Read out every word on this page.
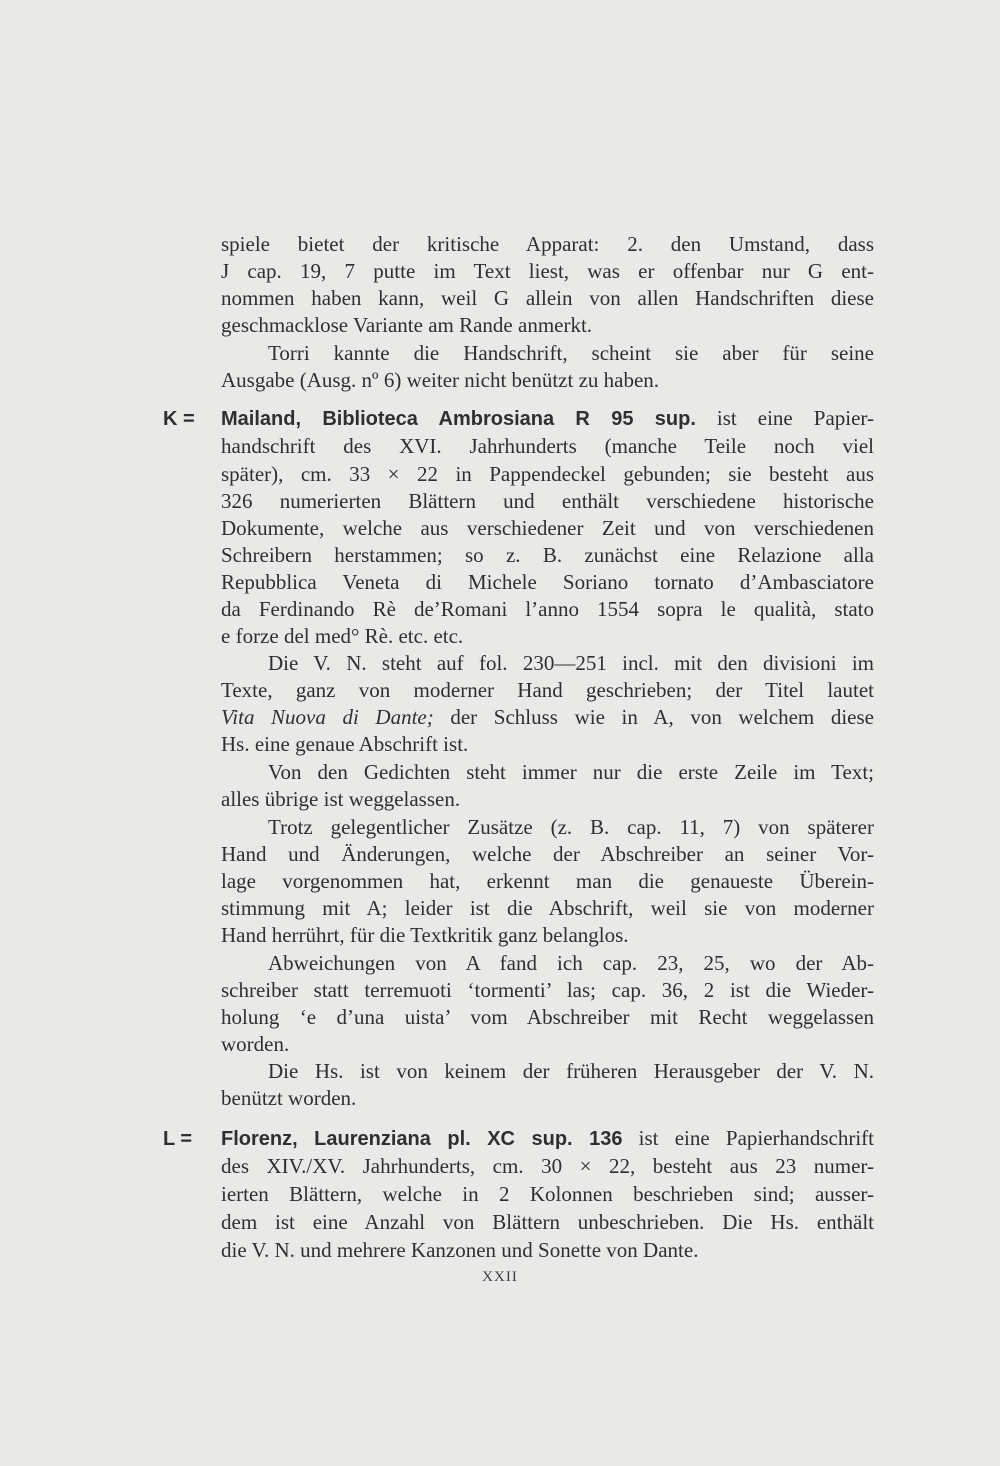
spiele bietet der kritische Apparat: 2. den Umstand, dass
J cap. 19, 7 putte im Text liest, was er offenbar nur G ent-
nommen haben kann, weil G allein von allen Handschriften diese
geschmacklose Variante am Rande anmerkt.
Torri kannte die Handschrift, scheint sie aber für seine
Ausgabe (Ausg. nº 6) weiter nicht benützt zu haben.
K = Mailand, Biblioteca Ambrosiana R 95 sup. ist eine Papier-
handschrift des XVI. Jahrhunderts (manche Teile noch viel
später), cm. 33 × 22 in Pappendeckel gebunden; sie besteht aus
326 numerierten Blättern und enthält verschiedene historische
Dokumente, welche aus verschiedener Zeit und von verschiedenen
Schreibern herstammen; so z. B. zunächst eine Relazione alla
Repubblica Veneta di Michele Soriano tornato d’Ambasciatore
da Ferdinando Rè de’Romani l’anno 1554 sopra le qualità, stato
e forze del med° Rè. etc. etc.
Die V. N. steht auf fol. 230—251 incl. mit den divisioni im
Texte, ganz von moderner Hand geschrieben; der Titel lautet
Vita Nuova di Dante; der Schluss wie in A, von welchem diese
Hs. eine genaue Abschrift ist.
Von den Gedichten steht immer nur die erste Zeile im Text;
alles übrige ist weggelassen.
Trotz gelegentlicher Zusätze (z. B. cap. 11, 7) von späterer
Hand und Änderungen, welche der Abschreiber an seiner Vor-
lage vorgenommen hat, erkennt man die genaueste Überein-
stimmung mit A; leider ist die Abschrift, weil sie von moderner
Hand herrührt, für die Textkritik ganz belanglos.
Abweichungen von A fand ich cap. 23, 25, wo der Ab-
schreiber statt terremuoti ‘tormenti’ las; cap. 36, 2 ist die Wieder-
holung ‘e d’una uista’ vom Abschreiber mit Recht weggelassen
worden.
Die Hs. ist von keinem der früheren Herausgeber der V. N.
benützt worden.
L = Florenz, Laurenziana pl. XC sup. 136 ist eine Papierhandschrift
des XIV./XV. Jahrhunderts, cm. 30 × 22, besteht aus 23 numer-
ierten Blättern, welche in 2 Kolonnen beschrieben sind; ausser-
dem ist eine Anzahl von Blättern unbeschrieben. Die Hs. enthält
die V. N. und mehrere Kanzonen und Sonette von Dante.
XXII
